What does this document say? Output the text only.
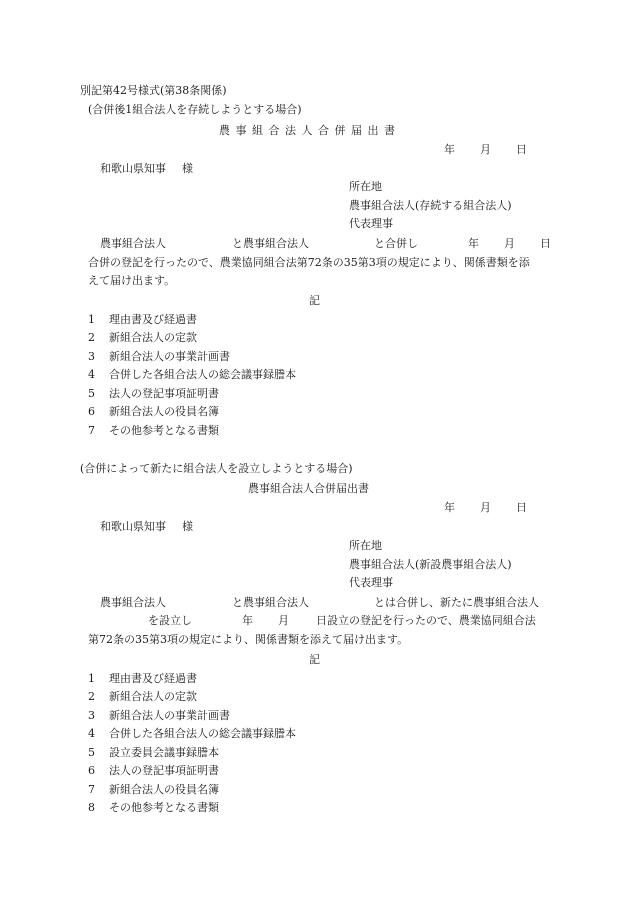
別記第42号様式(第38条関係)
(合併後1組合法人を存続しようとする場合)
農 事 組 合 法 人 合 併 届 出 書
年 月 日
和歌山県知事 様
所在地
農事組合法人(存続する組合法人)
代表理事
農事組合法人	と農事組合法人	と合併し	年 月 日
合併の登記を行ったので、農業協同組合法第72条の35第3項の規定により、関係書類を添
えて届け出ます。
記
1 理由書及び経過書
2 新組合法人の定款
3 新組合法人の事業計画書
4 合併した各組合法人の総会議事録謄本
5 法人の登記事項証明書
6 新組合法人の役員名簿
7 その他参考となる書類
(合併によって新たに組合法人を設立しようとする場合)
農事組合法人合併届出書
年 月 日
和歌山県知事 様
所在地
農事組合法人(新設農事組合法人)
代表理事
農事組合法人	と農事組合法人	とは合併し、新たに農事組合法人
を設立し	年 月 日設立の登記を行ったので、農業協同組合法
第72条の35第3項の規定により、関係書類を添えて届け出ます。
記
1 理由書及び経過書
2 新組合法人の定款
3 新組合法人の事業計画書
4 合併した各組合法人の総会議事録謄本
5 設立委員会議事録謄本
6 法人の登記事項証明書
7 新組合法人の役員名簿
8 その他参考となる書類
